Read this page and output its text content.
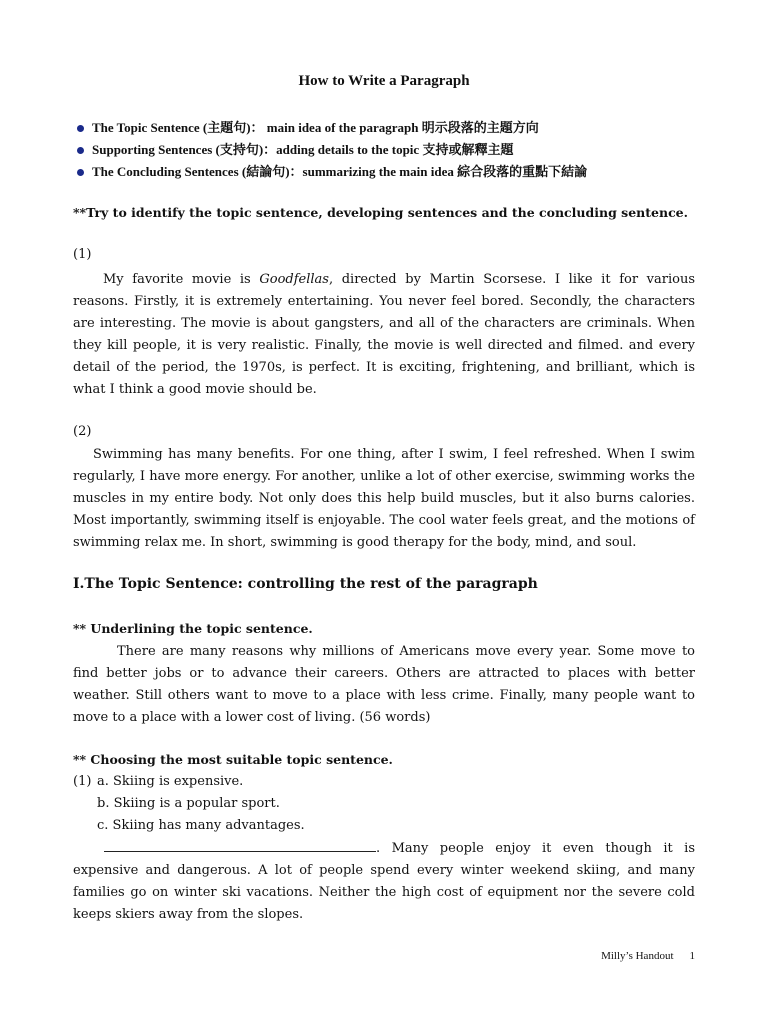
How to Write a Paragraph
The Topic Sentence (主題句)： main idea of the paragraph 明示段落的主題方向
Supporting Sentences (支持句)：adding details to the topic 支持或解釋主題
The Concluding Sentences (結論句)：summarizing the main idea 綜合段落的重點下結論
**Try to identify the topic sentence, developing sentences and the concluding sentence.
(1)

My favorite movie is Goodfellas, directed by Martin Scorsese. I like it for various reasons. Firstly, it is extremely entertaining. You never feel bored. Secondly, the characters are interesting. The movie is about gangsters, and all of the characters are criminals. When they kill people, it is very realistic. Finally, the movie is well directed and filmed. and every detail of the period, the 1970s, is perfect. It is exciting, frightening, and brilliant, which is what I think a good movie should be.

(2)

Swimming has many benefits. For one thing, after I swim, I feel refreshed. When I swim regularly, I have more energy. For another, unlike a lot of other exercise, swimming works the muscles in my entire body. Not only does this help build muscles, but it also burns calories. Most importantly, swimming itself is enjoyable. The cool water feels great, and the motions of swimming relax me. In short, swimming is good therapy for the body, mind, and soul.

I.The Topic Sentence: controlling the rest of the paragraph
** Underlining the topic sentence.

There are many reasons why millions of Americans move every year. Some move to find better jobs or to advance their careers. Others are attracted to places with better weather. Still others want to move to a place with less crime. Finally, many people want to move to a place with a lower cost of living. (56 words)

** Choosing the most suitable topic sentence.
(1) a. Skiing is expensive.
b. Skiing is a popular sport.
c. Skiing has many advantages.

. Many people enjoy it even though it is expensive and dangerous. A lot of people spend every winter weekend skiing, and many families go on winter ski vacations. Neither the high cost of equipment nor the severe cold keeps skiers away from the slopes.

Milly’s Handout 1
